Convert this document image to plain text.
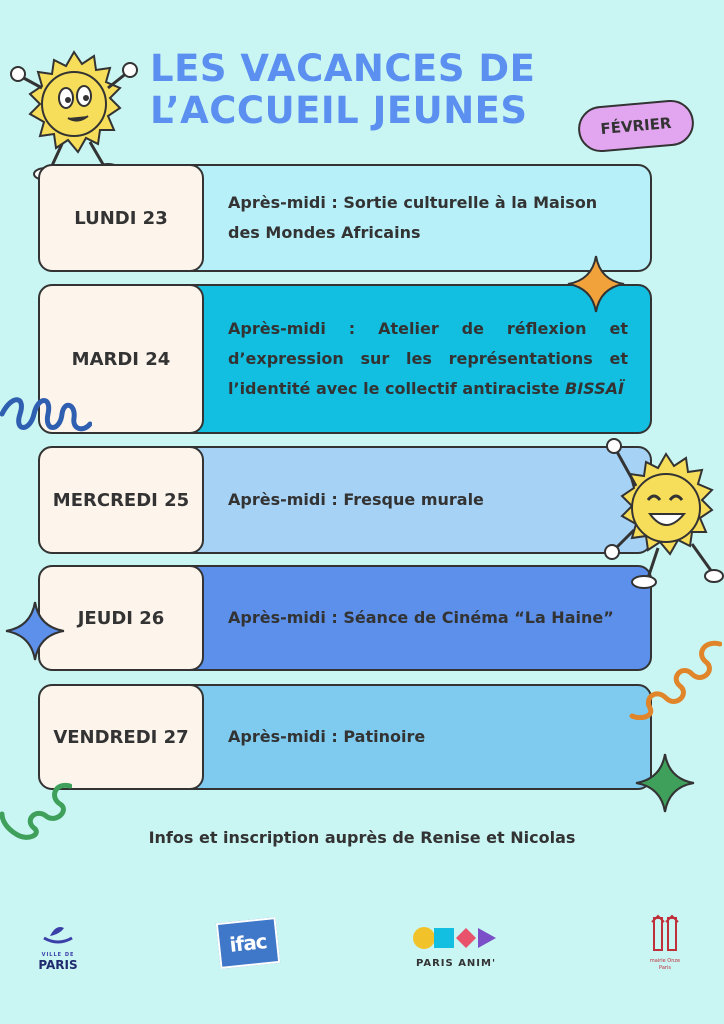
LES VACANCES DE
L’ACCUEIL JEUNES	FÉVRIER
Après-midi : Sortie culturelle à la Maison des Mondes Africains
LUNDI 23
Après-midi : Atelier de réflexion et d’expression sur les représentations et l’identité avec le collectif antiraciste BISSAÏ
MARDI 24
Après-midi : Fresque murale
MERCREDI 25
Après-midi : Séance de Cinéma “La Haine”
JEUDI 26
Après-midi : Patinoire
VENDREDI 27
Infos et inscription auprès de Renise et Nicolas
VILLE DE
PARIS
ifac
PARIS ANIM'	mairie Onze
Paris
